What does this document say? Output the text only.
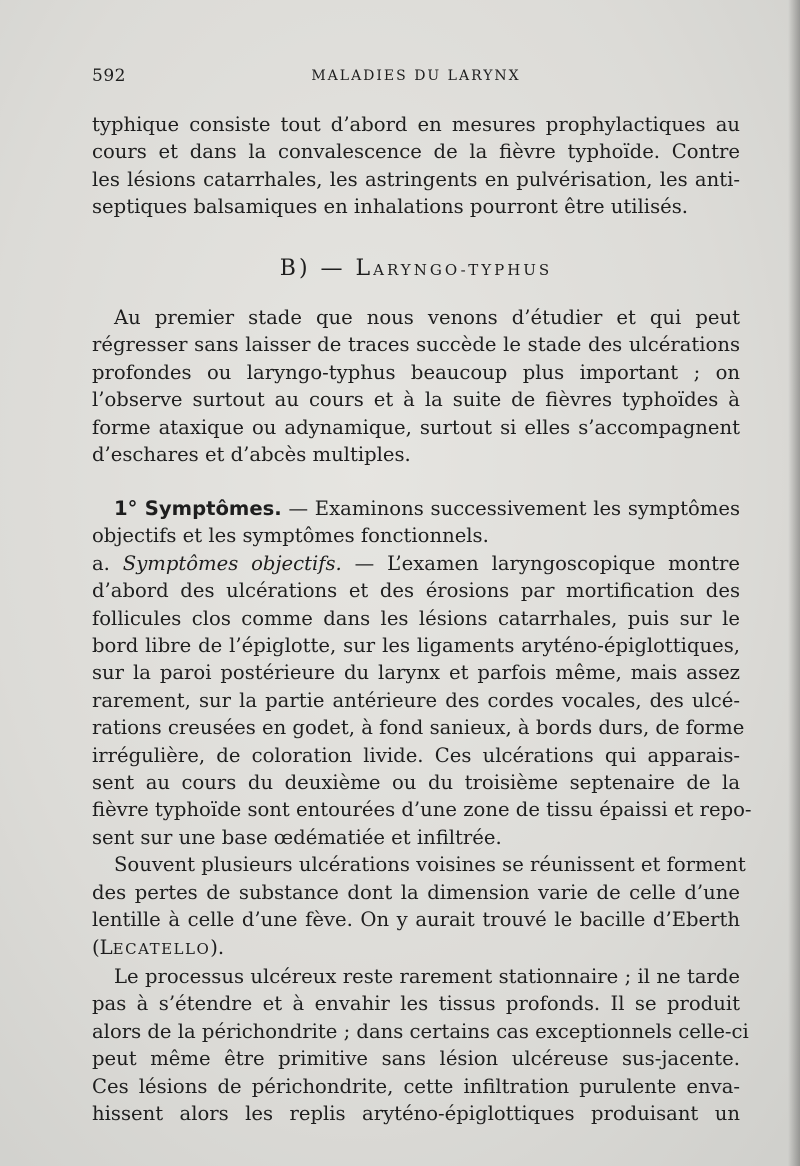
592	MALADIES DU LARYNX
typhique consiste tout d’abord en mesures prophylactiques au
cours et dans la convalescence de la fièvre typhoïde. Contre
les lésions catarrhales, les astringents en pulvérisation, les anti-
septiques balsamiques en inhalations pourront être utilisés.
B) — LARYNGO-TYPHUS
Au premier stade que nous venons d’étudier et qui peut
régresser sans laisser de traces succède le stade des ulcérations
profondes ou laryngo-typhus beaucoup plus important ; on
l’observe surtout au cours et à la suite de fièvres typhoïdes à
forme ataxique ou adynamique, surtout si elles s’accompagnent
d’eschares et d’abcès multiples.
1° Symptômes. — Examinons successivement les symptômes
objectifs et les symptômes fonctionnels.
a. Symptômes objectifs. — L’examen laryngoscopique montre
d’abord des ulcérations et des érosions par mortification des
follicules clos comme dans les lésions catarrhales, puis sur le
bord libre de l’épiglotte, sur les ligaments aryténo-épiglottiques,
sur la paroi postérieure du larynx et parfois même, mais assez
rarement, sur la partie antérieure des cordes vocales, des ulcé-
rations creusées en godet, à fond sanieux, à bords durs, de forme
irrégulière, de coloration livide. Ces ulcérations qui apparais-
sent au cours du deuxième ou du troisième septenaire de la
fièvre typhoïde sont entourées d’une zone de tissu épaissi et repo-
sent sur une base œdématiée et infiltrée.
Souvent plusieurs ulcérations voisines se réunissent et forment
des pertes de substance dont la dimension varie de celle d’une
lentille à celle d’une fève. On y aurait trouvé le bacille d’Eberth
(LECATELLO).
Le processus ulcéreux reste rarement stationnaire ; il ne tarde
pas à s’étendre et à envahir les tissus profonds. Il se produit
alors de la périchondrite ; dans certains cas exceptionnels celle-ci
peut même être primitive sans lésion ulcéreuse sus-jacente.
Ces lésions de périchondrite, cette infiltration purulente enva-
hissent alors les replis aryténo-épiglottiques produisant un
